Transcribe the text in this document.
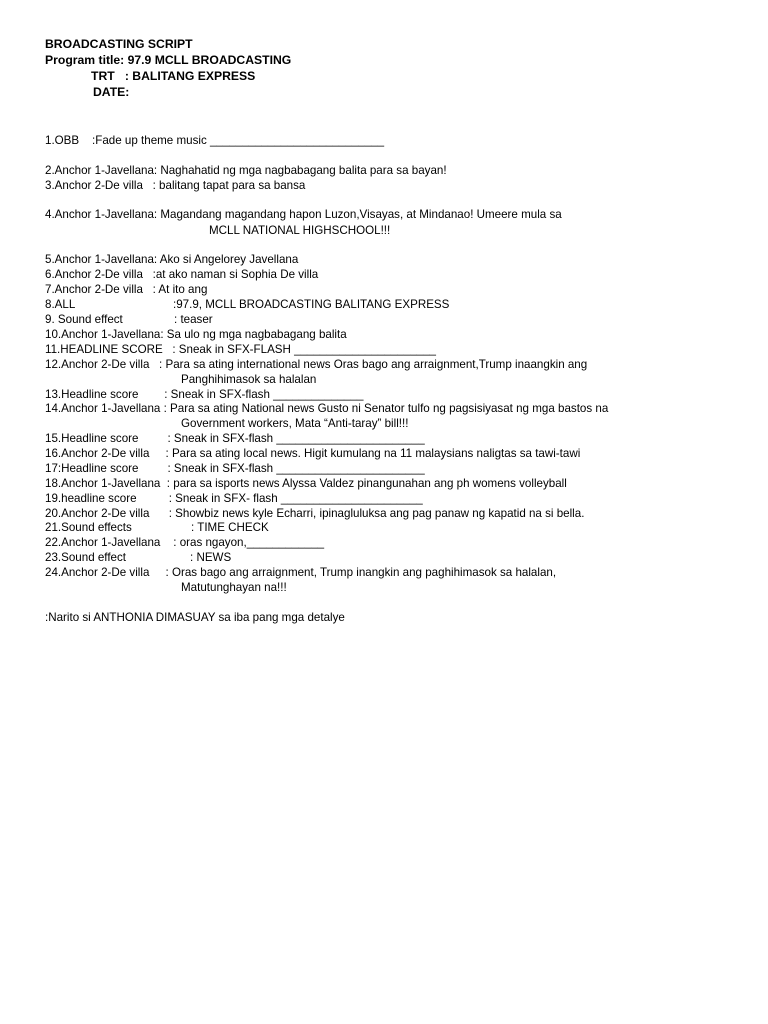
BROADCASTING SCRIPT
Program title: 97.9 MCLL BROADCASTING
TRT   : BALITANG EXPRESS
DATE:
1.OBB    :Fade up theme music ___________________________
2.Anchor 1-Javellana: Naghahatid ng mga nagbabagang balita para sa bayan!
3.Anchor 2-De villa   : balitang tapat para sa bansa
4.Anchor 1-Javellana: Magandang magandang hapon Luzon,Visayas, at Mindanao! Umeere mula sa
MCLL NATIONAL HIGHSCHOOL!!!
5.Anchor 1-Javellana: Ako si Angelorey Javellana
6.Anchor 2-De villa   :at ako naman si Sophia De villa
7.Anchor 2-De villa   : At ito ang
8.ALL	:97.9, MCLL BROADCASTING BALITANG EXPRESS
9. Sound effect	: teaser
10.Anchor 1-Javellana: Sa ulo ng mga nagbabagang balita
11.HEADLINE SCORE   : Sneak in SFX-FLASH ______________________
12.Anchor 2-De villa   : Para sa ating international news Oras bago ang arraignment,Trump inaangkin ang
Panghihimasok sa halalan
13.Headline score        : Sneak in SFX-flash ______________
14.Anchor 1-Javellana : Para sa ating National news Gusto ni Senator tulfo ng pagsisiyasat ng mga bastos na
Government workers, Mata “Anti-taray” bill!!!
15.Headline score         : Sneak in SFX-flash _______________________
16.Anchor 2-De villa     : Para sa ating local news. Higit kumulang na 11 malaysians naligtas sa tawi-tawi
17:Headline score         : Sneak in SFX-flash _______________________
18.Anchor 1-Javellana  : para sa isports news Alyssa Valdez pinangunahan ang ph womens volleyball
19.headline score          : Sneak in SFX- flash ______________________
20.Anchor 2-De villa      : Showbiz news kyle Echarri, ipinagluluksa ang pag panaw ng kapatid na si bella.
21.Sound effects	: TIME CHECK
22.Anchor 1-Javellana    : oras ngayon,____________
23.Sound effect	: NEWS
24.Anchor 2-De villa     : Oras bago ang arraignment, Trump inangkin ang paghihimasok sa halalan,
Matutunghayan na!!!
:Narito si ANTHONIA DIMASUAY sa iba pang mga detalye
